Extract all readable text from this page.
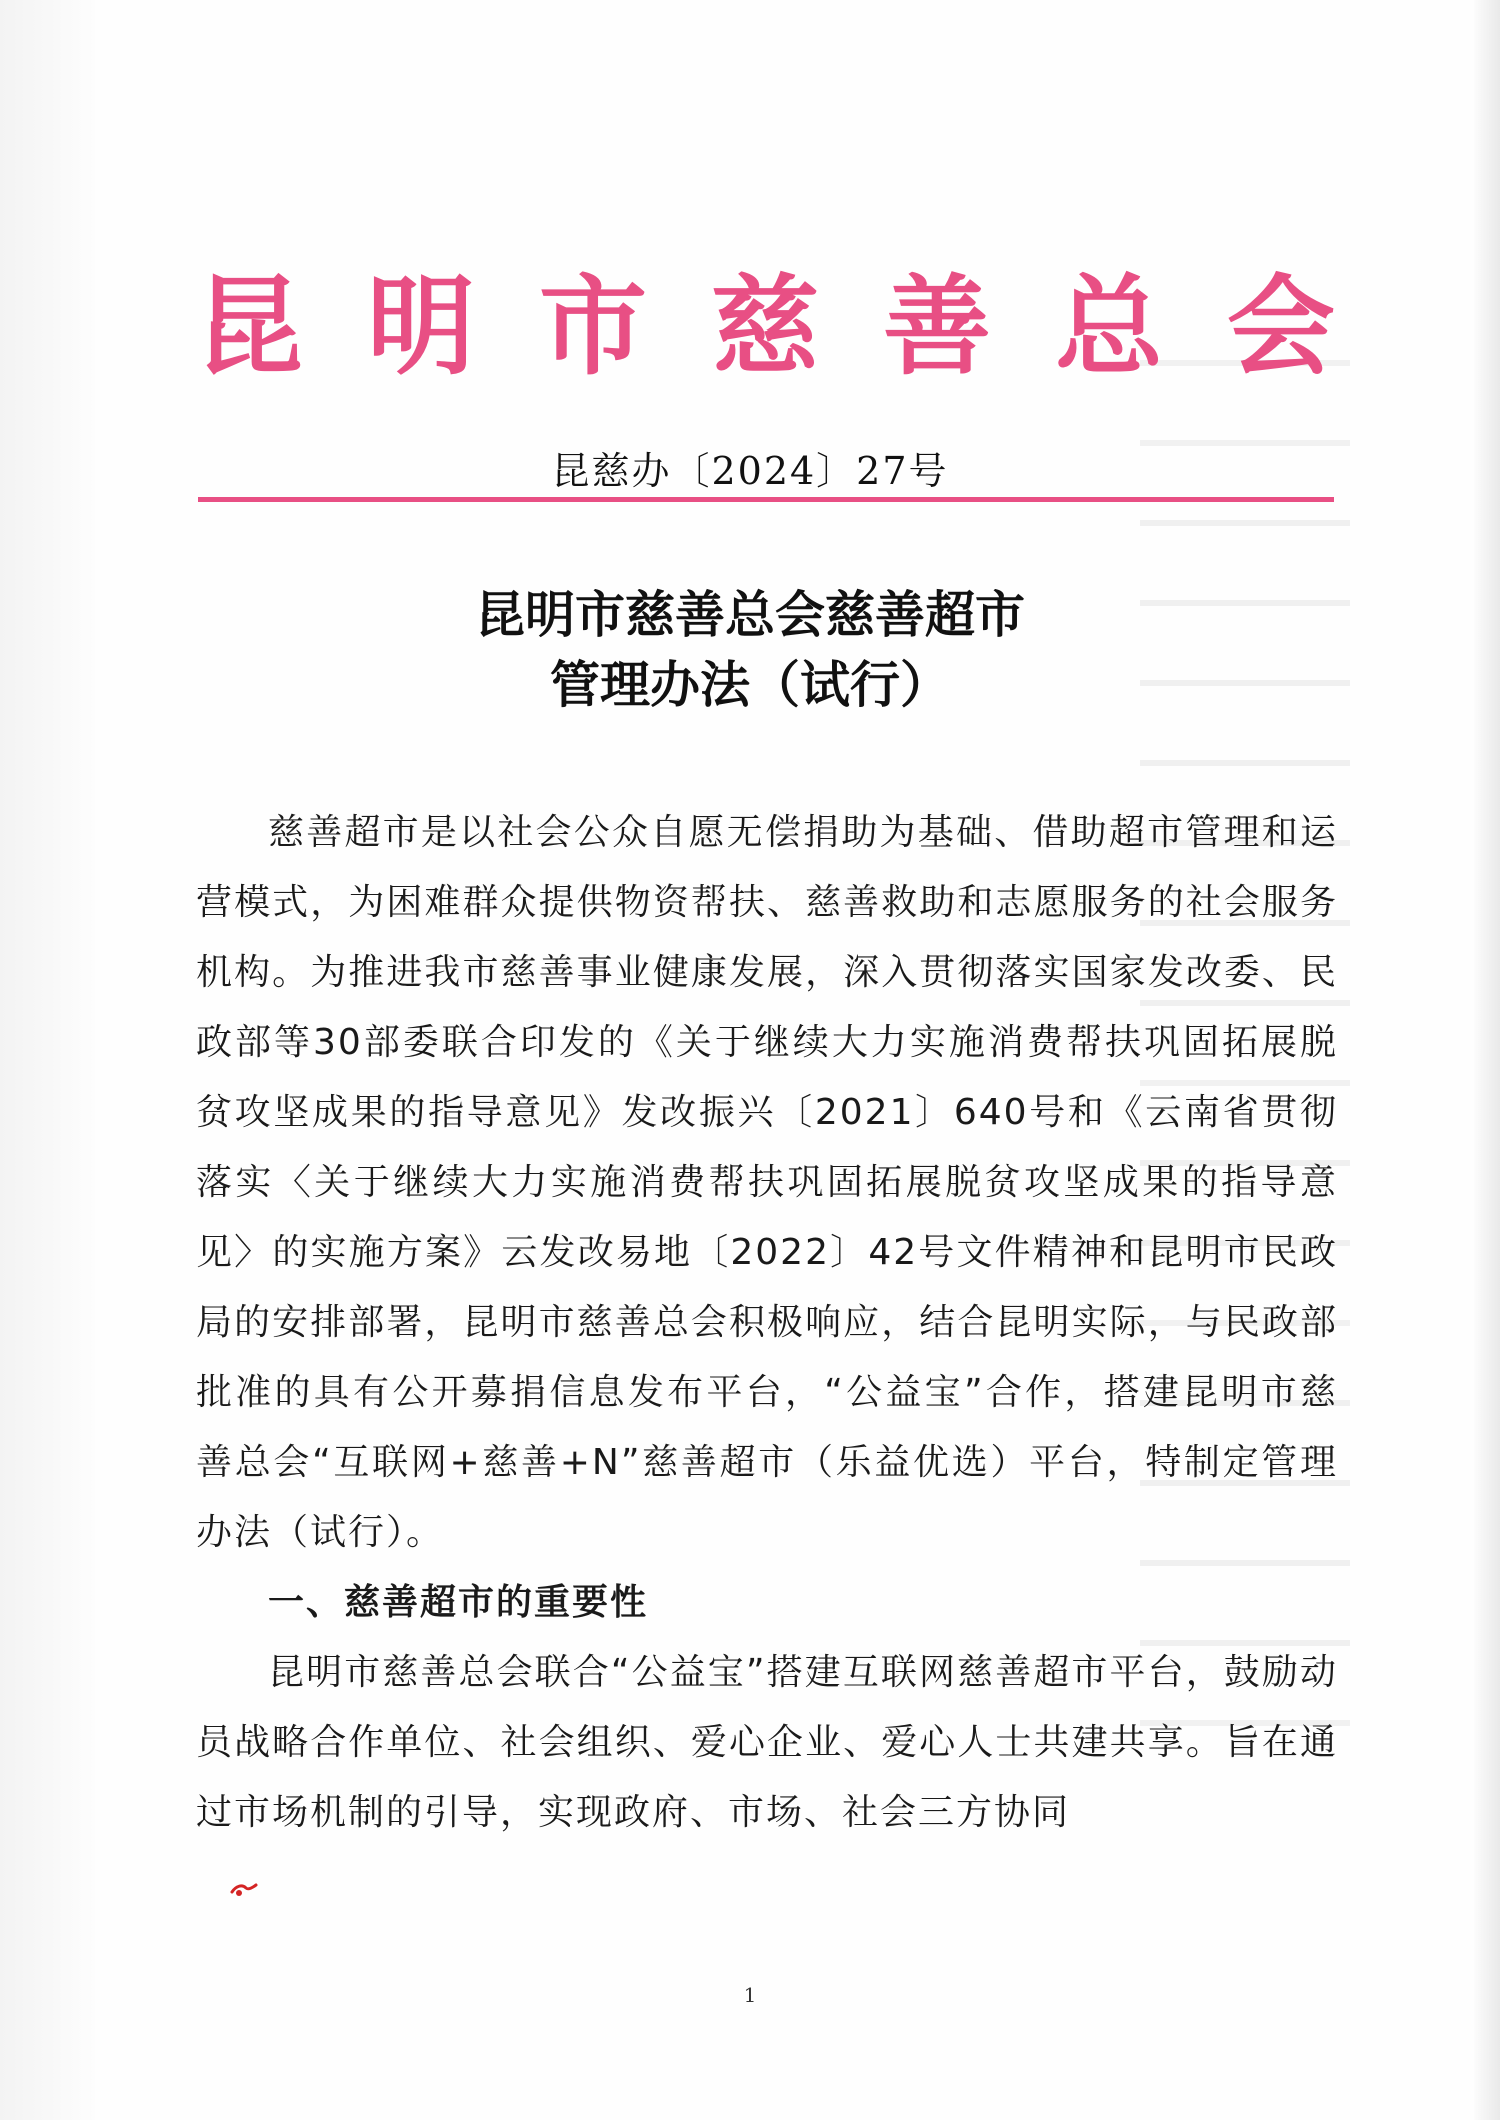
昆 明 市 慈 善 总 会
昆慈办〔2024〕27号
昆明市慈善总会慈善超市
管理办法（试行）

慈善超市是以社会公众自愿无偿捐助为基础、借助超市管理和运营模式，为困难群众提供物资帮扶、慈善救助和志愿服务的社会服务机构。为推进我市慈善事业健康发展，深入贯彻落实国家发改委、民政部等30部委联合印发的《关于继续大力实施消费帮扶巩固拓展脱贫攻坚成果的指导意见》发改振兴〔2021〕640号和《云南省贯彻落实〈关于继续大力实施消费帮扶巩固拓展脱贫攻坚成果的指导意见〉的实施方案》云发改易地〔2022〕42号文件精神和昆明市民政局的安排部署，昆明市慈善总会积极响应，结合昆明实际，与民政部批准的具有公开募捐信息发布平台，“公益宝”合作，搭建昆明市慈善总会“互联网+慈善+N”慈善超市（乐益优选）平台，特制定管理办法（试行）。

一、慈善超市的重要性

昆明市慈善总会联合“公益宝”搭建互联网慈善超市平台，鼓励动员战略合作单位、社会组织、爱心企业、爱心人士共建共享。旨在通过市场机制的引导，实现政府、市场、社会三方协同

1
